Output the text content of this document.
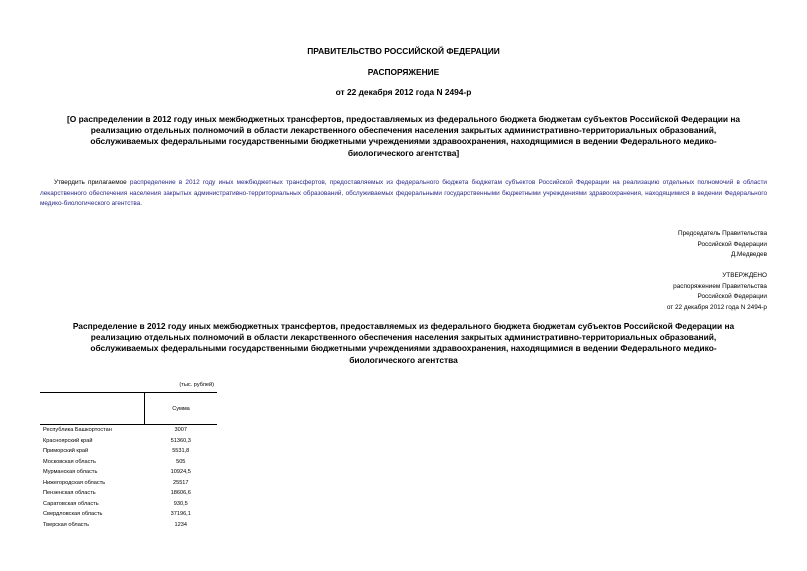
ПРАВИТЕЛЬСТВО РОССИЙСКОЙ ФЕДЕРАЦИИ
РАСПОРЯЖЕНИЕ
от 22 декабря 2012 года N 2494-р
[О распределении в 2012 году иных межбюджетных трансфертов, предоставляемых из федерального бюджета бюджетам субъектов Российской Федерации на
реализацию отдельных полномочий в области лекарственного обеспечения населения закрытых административно-территориальных образований,
обслуживаемых федеральными государственными бюджетными учреждениями здравоохранения, находящимися в ведении Федерального медико-
биологического агентства]
Утвердить прилагаемое распределение в 2012 году иных межбюджетных трансфертов, предоставляемых из федерального бюджета бюджетам субъектов Российской Федерации на реализацию отдельных полномочий в области лекарственного обеспечения населения закрытых административно-территориальных образований, обслуживаемых федеральными государственными бюджетными учреждениями здравоохранения, находящимися в ведении Федерального медико-биологического агентства.
Председатель Правительства
Российской Федерации
Д.Медведев
УТВЕРЖДЕНО
распоряжением Правительства
Российской Федерации
от 22 декабря 2012 года N 2494-р
Распределение в 2012 году иных межбюджетных трансфертов, предоставляемых из федерального бюджета бюджетам субъектов Российской Федерации на
реализацию отдельных полномочий в области лекарственного обеспечения населения закрытых административно-территориальных образований,
обслуживаемых федеральными государственными бюджетными учреждениями здравоохранения, находящимися в ведении Федерального медико-
биологического агентства
(тыс. рублей)
	Сумма
Республика Башкортостан	3007
Красноярский край	51360,3
Приморский край	5531,8
Московская область	505
Мурманская область	10924,5
Нижегородская область	25517
Пензенская область	18606,6
Саратовская область	930,5
Свердловская область	37196,1
Тверская область	1234
